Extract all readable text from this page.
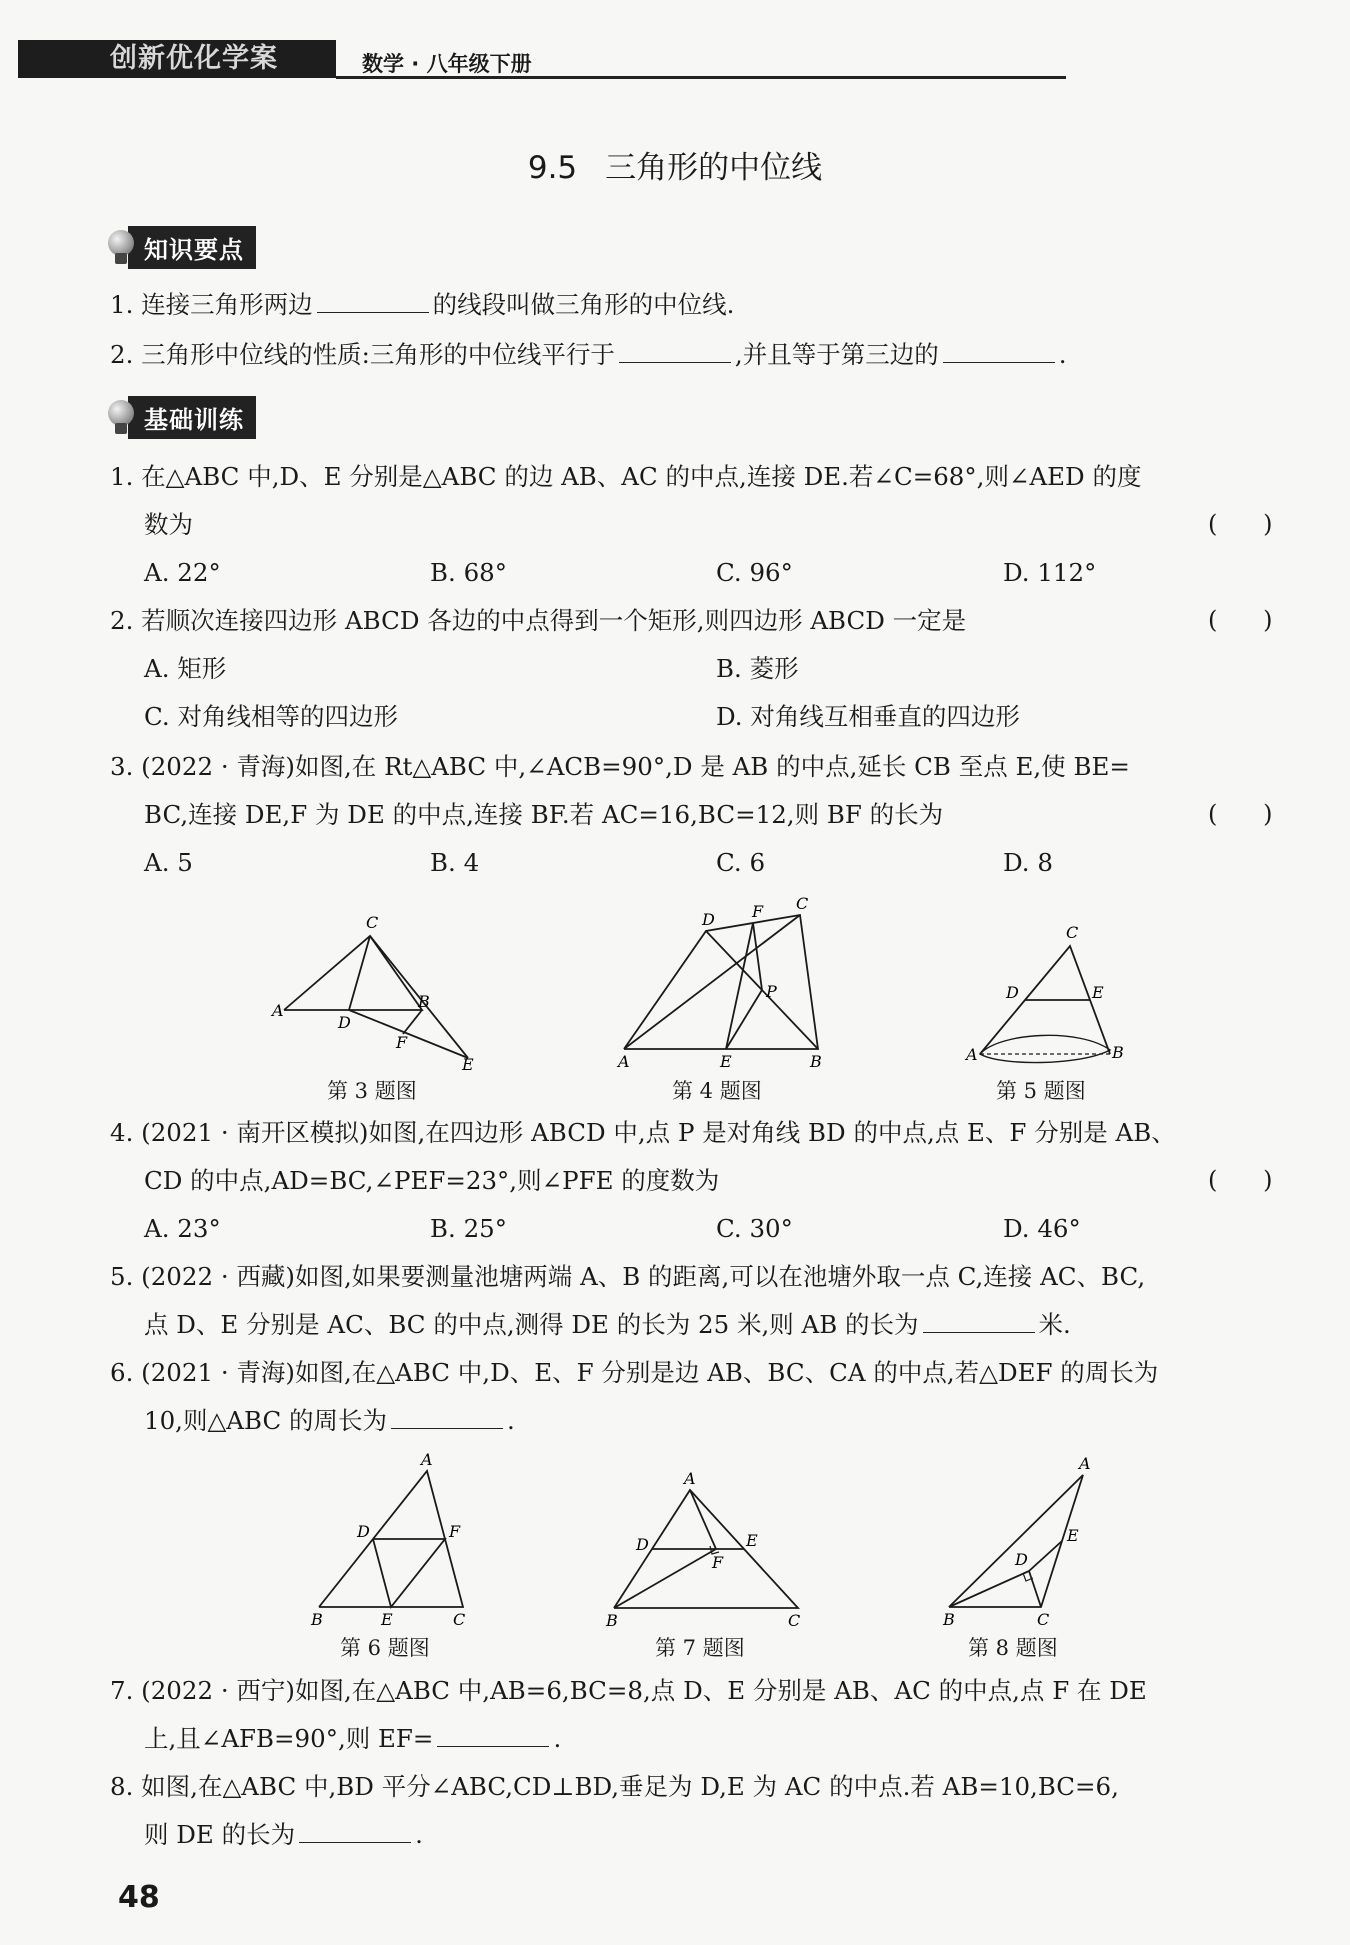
创新优化学案	数学 · 八年级下册
9.5 三角形的中位线
知识要点
1. 连接三角形两边	的线段叫做三角形的中位线.
2. 三角形中位线的性质:三角形的中位线平行于	,并且等于第三边的	.
基础训练
1. 在△ABC 中,D、E 分别是△ABC 的边 AB、AC 的中点,连接 DE.若∠C=68°,则∠AED 的度
数为	(      )
A. 22°	B. 68°	C. 96°	D. 112°
2. 若顺次连接四边形 ABCD 各边的中点得到一个矩形,则四边形 ABCD 一定是	(      )
A. 矩形	B. 菱形
C. 对角线相等的四边形	D. 对角线互相垂直的四边形
3. (2022 · 青海)如图,在 Rt△ABC 中,∠ACB=90°,D 是 AB 的中点,延长 CB 至点 E,使 BE=
BC,连接 DE,F 为 DE 的中点,连接 BF.若 AC=16,BC=12,则 BF 的长为	(      )
A. 5	B. 4	C. 6	D. 8
A	B
C
D
E
F
第 3 题图
A	B
C
D
E
F
P
第 4 题图
A	B
C
D	E
第 5 题图
4. (2021 · 南开区模拟)如图,在四边形 ABCD 中,点 P 是对角线 BD 的中点,点 E、F 分别是 AB、
CD 的中点,AD=BC,∠PEF=23°,则∠PFE 的度数为	(      )
A. 23°	B. 25°	C. 30°	D. 46°
5. (2022 · 西藏)如图,如果要测量池塘两端 A、B 的距离,可以在池塘外取一点 C,连接 AC、BC,
点 D、E 分别是 AC、BC 的中点,测得 DE 的长为 25 米,则 AB 的长为	米.
6. (2021 · 青海)如图,在△ABC 中,D、E、F 分别是边 AB、BC、CA 的中点,若△DEF 的周长为
10,则△ABC 的周长为	.
A
B	C
D
E
F
第 6 题图
A
B	C
D	E
F
第 7 题图
A
B	C
D
E
第 8 题图
7. (2022 · 西宁)如图,在△ABC 中,AB=6,BC=8,点 D、E 分别是 AB、AC 的中点,点 F 在 DE
上,且∠AFB=90°,则 EF=	.
8. 如图,在△ABC 中,BD 平分∠ABC,CD⊥BD,垂足为 D,E 为 AC 的中点.若 AB=10,BC=6,
则 DE 的长为	.
48
